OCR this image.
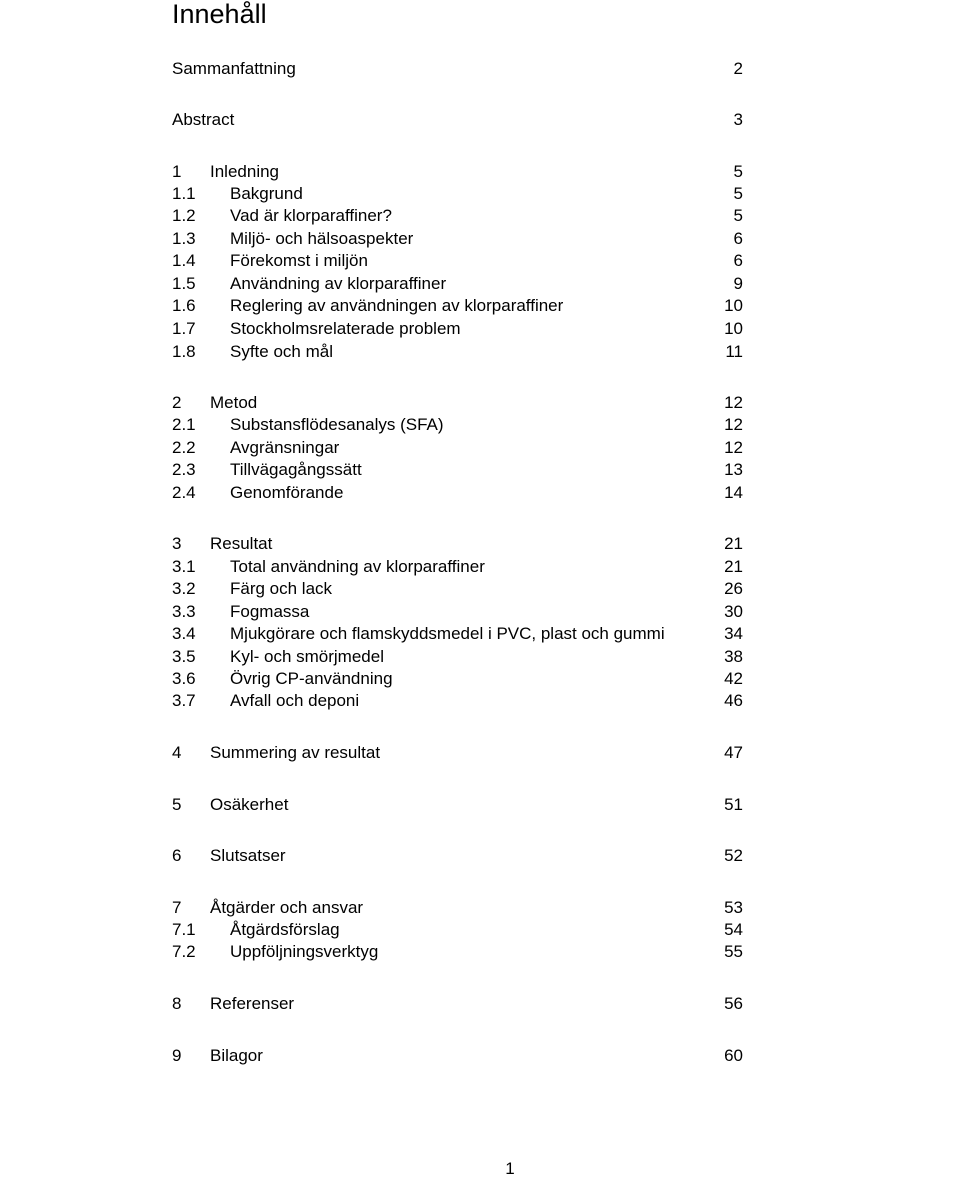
Innehåll
Sammanfattning	2
Abstract	3
1 Inledning	5
1.1 Bakgrund	5
1.2 Vad är klorparaffiner?	5
1.3 Miljö- och hälsoaspekter	6
1.4 Förekomst i miljön	6
1.5 Användning av klorparaffiner	9
1.6 Reglering av användningen av klorparaffiner	10
1.7 Stockholmsrelaterade problem	10
1.8 Syfte och mål	11
2 Metod	12
2.1 Substansflödesanalys (SFA)	12
2.2 Avgränsningar	12
2.3 Tillvägagångssätt	13
2.4 Genomförande	14
3 Resultat	21
3.1 Total användning av klorparaffiner	21
3.2 Färg och lack	26
3.3 Fogmassa	30
3.4 Mjukgörare och flamskyddsmedel i PVC, plast och gummi	34
3.5 Kyl- och smörjmedel	38
3.6 Övrig CP-användning	42
3.7 Avfall och deponi	46
4 Summering av resultat	47
5 Osäkerhet	51
6 Slutsatser	52
7 Åtgärder och ansvar	53
7.1 Åtgärdsförslag	54
7.2 Uppföljningsverktyg	55
8 Referenser	56
9 Bilagor	60
1
